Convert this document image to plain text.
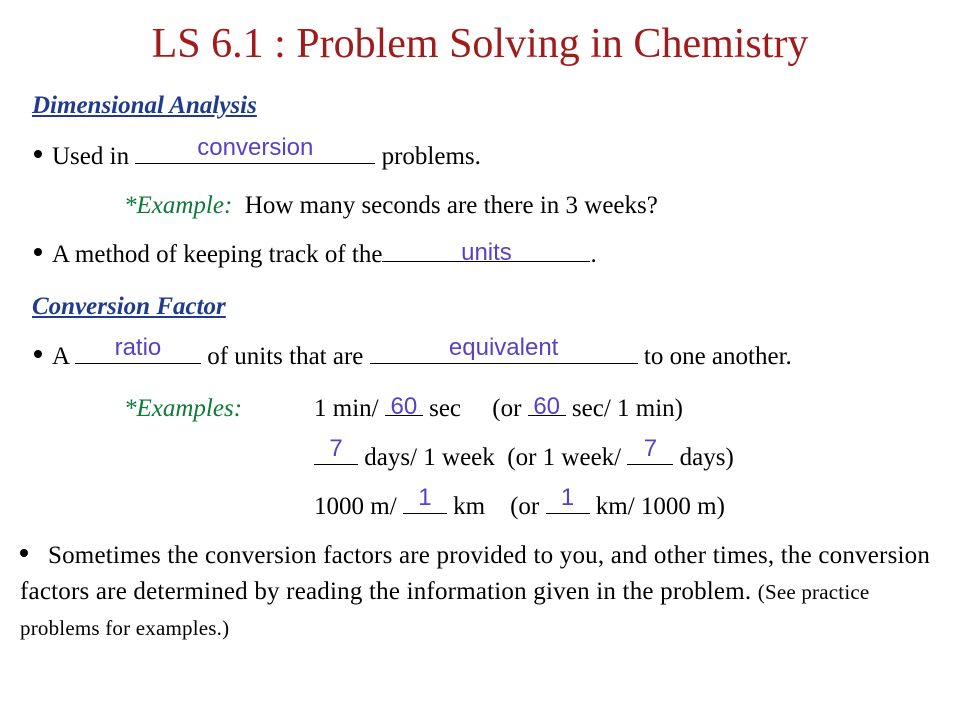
LS 6.1 : Problem Solving in Chemistry
Dimensional Analysis
Used in	conversion	problems.
*Example: How many seconds are there in 3 weeks?
A method of keeping track of the	units	.
Conversion Factor
A	ratio	of units that are	equivalent	to one another.
*Examples:	1 min/ 60 sec (or 60 sec/ 1 min)
7 days/ 1 week (or 1 week/ 7 days)
1000 m/ 1 km (or 1 km/ 1000 m)
Sometimes the conversion factors are provided to you, and other times, the conversion factors are determined by reading the information given in the problem. (See practice problems for examples.)
